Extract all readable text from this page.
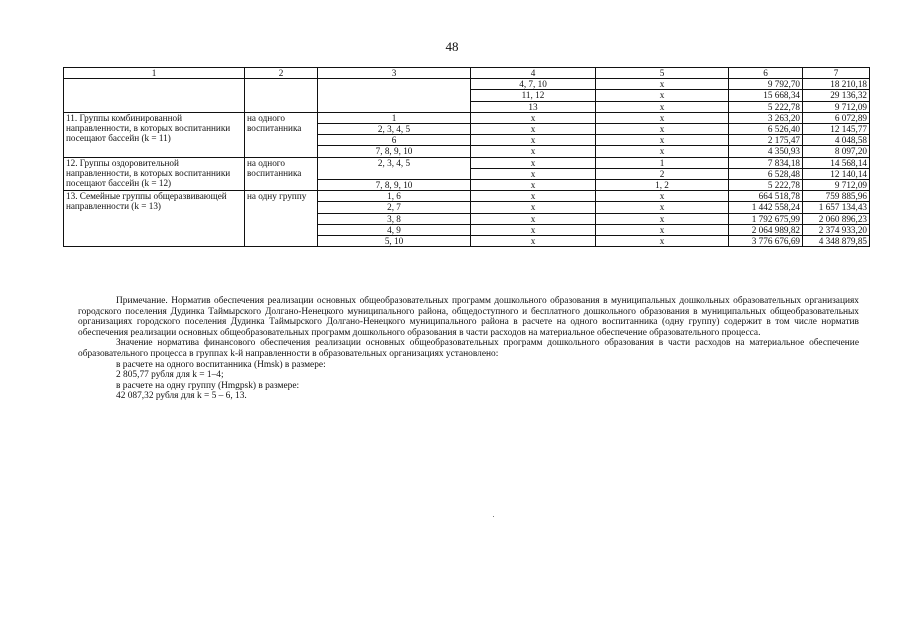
48
1	2	3	4	5	6	7
			4, 7, 10	x	9 792,70	18 210,18
			11, 12	x	15 668,34	29 136,32
			13	x	5 222,78	9 712,09
11. Группы комбинированной направленности, в которых воспитанники посещают бассейн (k = 11)	на одного воспитанника	1	x	x	3 263,20	6 072,89
		2, 3, 4, 5	x	x	6 526,40	12 145,77
		6	x	x	2 175,47	4 048,58
		7, 8, 9, 10	x	x	4 350,93	8 097,20
12. Группы оздоровительной направленности, в которых воспитанники посещают бассейн (k = 12)	на одного воспитанника	2, 3, 4, 5	x	1	7 834,18	14 568,14
			x	2	6 528,48	12 140,14
		7, 8, 9, 10	x	1, 2	5 222,78	9 712,09

13. Семейные группы общеразвивающей направленности (k = 13)	на одну группу	1, 6	x	x	664 518,78	759 885,96
		2, 7	x	x	1 442 558,24	1 657 134,43
		3, 8	x	x	1 792 675,99	2 060 896,23
		4, 9	x	x	2 064 989,82	2 374 933,20
		5, 10	x	x	3 776 676,69	4 348 879,85

Примечание. Норматив обеспечения реализации основных общеобразовательных программ дошкольного образования в муниципальных дошкольных образовательных организациях городского поселения Дудинка Таймырского Долгано-Ненецкого муниципального района, общедоступного и бесплатного дошкольного образования в муниципальных общеобразовательных организациях городского поселения Дудинка Таймырского Долгано-Ненецкого муниципального района в расчете на одного воспитанника (одну группу) содержит в том числе норматив обеспечения реализации основных общеобразовательных программ дошкольного образования в части расходов на материальное обеспечение образовательного процесса.

Значение норматива финансового обеспечения реализации основных общеобразовательных программ дошкольного образования в части расходов на материальное обеспечение образовательного процесса в группах k-й направленности в образовательных организациях установлено:

в расчете на одного воспитанника (Нmsk) в размере:

2 805,77 рубля для k = 1–4;

в расчете на одну группу (Нmgpsk) в размере:

42 087,32 рубля для k = 5 – 6, 13.
